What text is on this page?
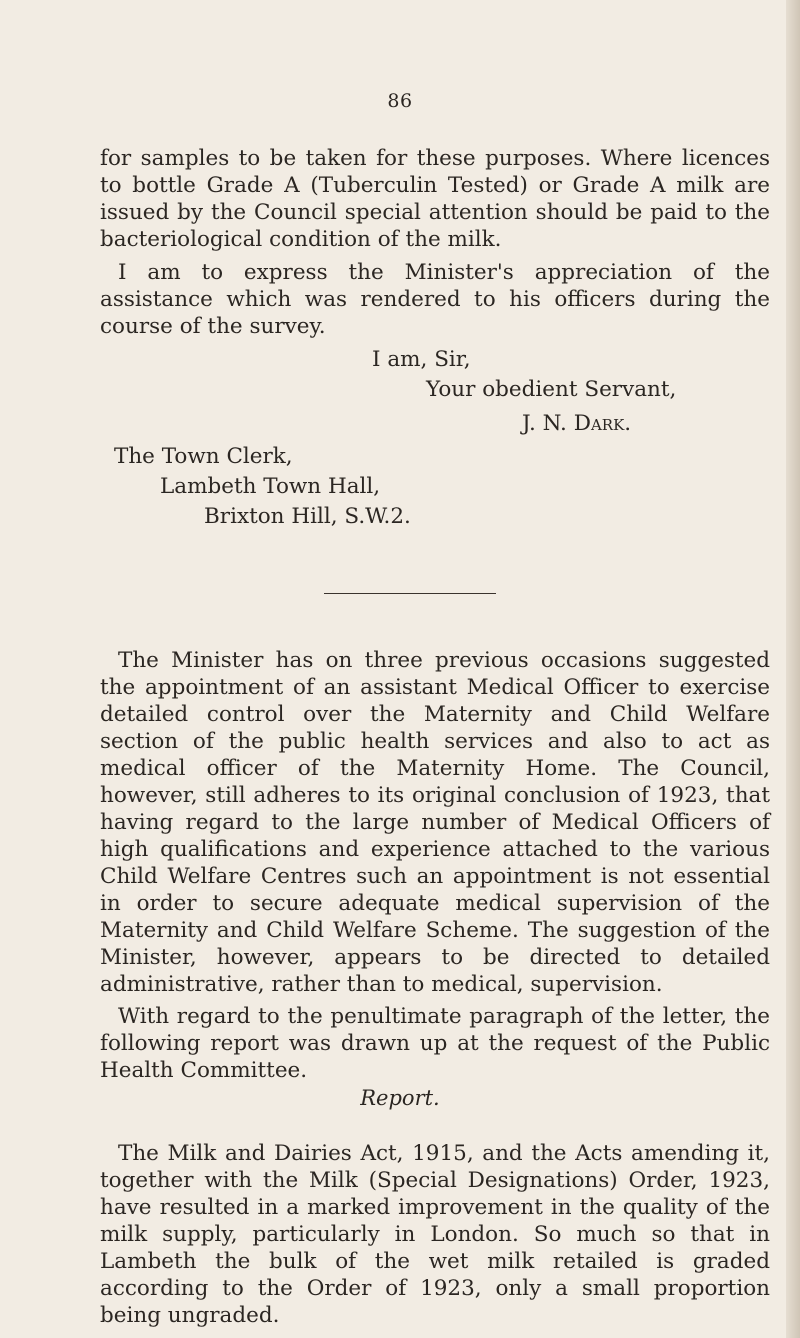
86

for samples to be taken for these purposes. Where licences to bottle Grade A (Tuberculin Tested) or Grade A milk are issued by the Council special attention should be paid to the bacteriological condition of the milk.

I am to express the Minister's appreciation of the assistance which was rendered to his officers during the course of the survey.

I am, Sir,
Your obedient Servant,
J. N. Dark.
The Town Clerk,
Lambeth Town Hall,
Brixton Hill, S.W.2.

The Minister has on three previous occasions suggested the appointment of an assistant Medical Officer to exercise detailed control over the Maternity and Child Welfare section of the public health services and also to act as medical officer of the Maternity Home. The Council, however, still adheres to its original conclusion of 1923, that having regard to the large number of Medical Officers of high qualifications and experience attached to the various Child Welfare Centres such an appointment is not essential in order to secure adequate medical supervision of the Maternity and Child Welfare Scheme. The suggestion of the Minister, however, appears to be directed to detailed administrative, rather than to medical, supervision.

With regard to the penultimate paragraph of the letter, the following report was drawn up at the request of the Public Health Committee.

Report.

The Milk and Dairies Act, 1915, and the Acts amending it, together with the Milk (Special Designations) Order, 1923, have resulted in a marked improvement in the quality of the milk supply, particularly in London. So much so that in Lambeth the bulk of the wet milk retailed is graded according to the Order of 1923, only a small proportion being ungraded.
